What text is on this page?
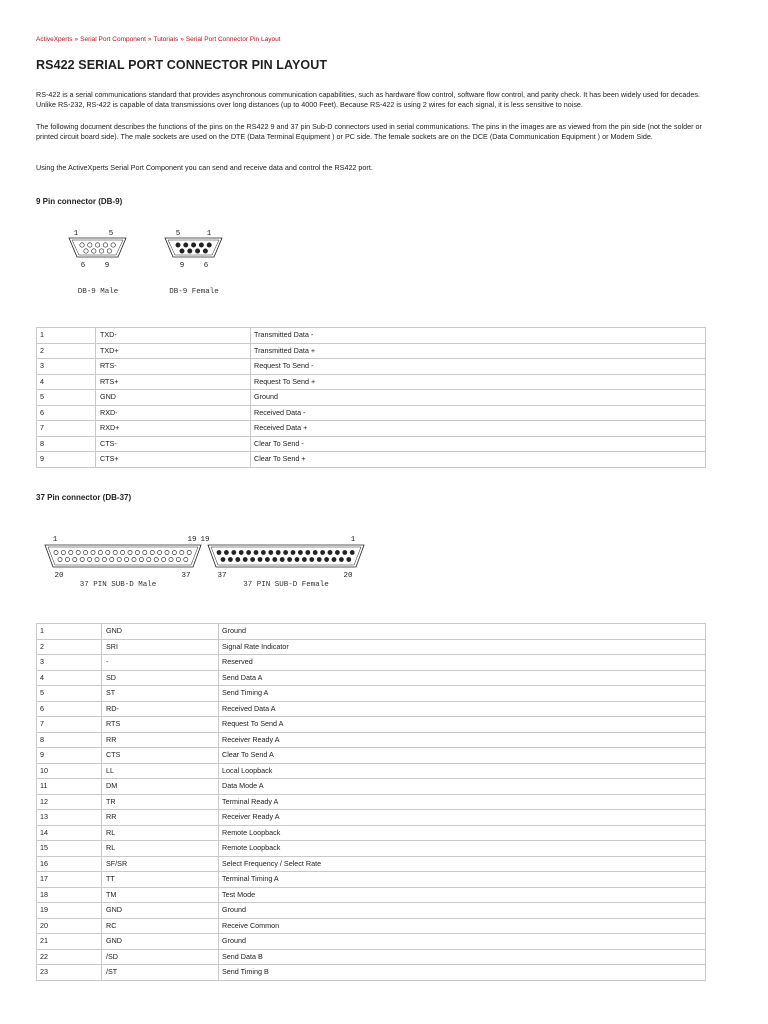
ActiveXperts » Serial Port Component » Tutorials » Serial Port Connector Pin Layout
RS422 SERIAL PORT CONNECTOR PIN LAYOUT

RS-422 is a serial communications standard that provides asynchronous communication capabilities, such as hardware flow control, software flow control, and parity check. It has been widely used for decades. Unlike RS-232, RS-422 is capable of data transmissions over long distances (up to 4000 Feet). Because RS-422 is using 2 wires for each signal, it is less sensitive to noise.

The following document describes the functions of the pins on the RS422 9 and 37 pin Sub-D connectors used in serial communications. The pins in the images are as viewed from the pin side (not the solder or printed circuit board side). The male sockets are used on the DTE (Data Terminal Equipment ) or PC side. The female sockets are on the DCE (Data Communication Equipment ) or Modem Side.

Using the ActiveXperts Serial Port Component you can send and receive data and control the RS422 port.

9 Pin connector (DB-9)
1	5
6	9
DB-9 Male
5	1
9	6
DB-9 Female
1	TXD-	Transmitted Data -
2	TXD+	Transmitted Data +
3	RTS-	Request To Send -
4	RTS+	Request To Send +
5	GND	Ground
6	RXD-	Received Data -
7	RXD+	Received Data +
8	CTS-	Clear To Send -
9	CTS+	Clear To Send +
37 Pin connector (DB-37)
1	19
20	37
37 PIN SUB-D Male
19	1
37	20
37 PIN SUB-D Female
1	GND	Ground
2	SRI	Signal Rate Indicator
3	-	Reserved
4	SD	Send Data A
5	ST	Send Timing A
6	RD-	Received Data A
7	RTS	Request To Send A
8	RR	Receiver Ready A
9	CTS	Clear To Send A
10	LL	Local Loopback
11	DM	Data Mode A
12	TR	Terminal Ready A
13	RR	Receiver Ready A
14	RL	Remote Loopback
15	RL	Remote Loopback
16	SF/SR	Select Frequency / Select Rate
17	TT	Terminal Timing A
18	TM	Test Mode
19	GND	Ground
20	RC	Receive Common
21	GND	Ground
22	/SD	Send Data B
23	/ST	Send Timing B
